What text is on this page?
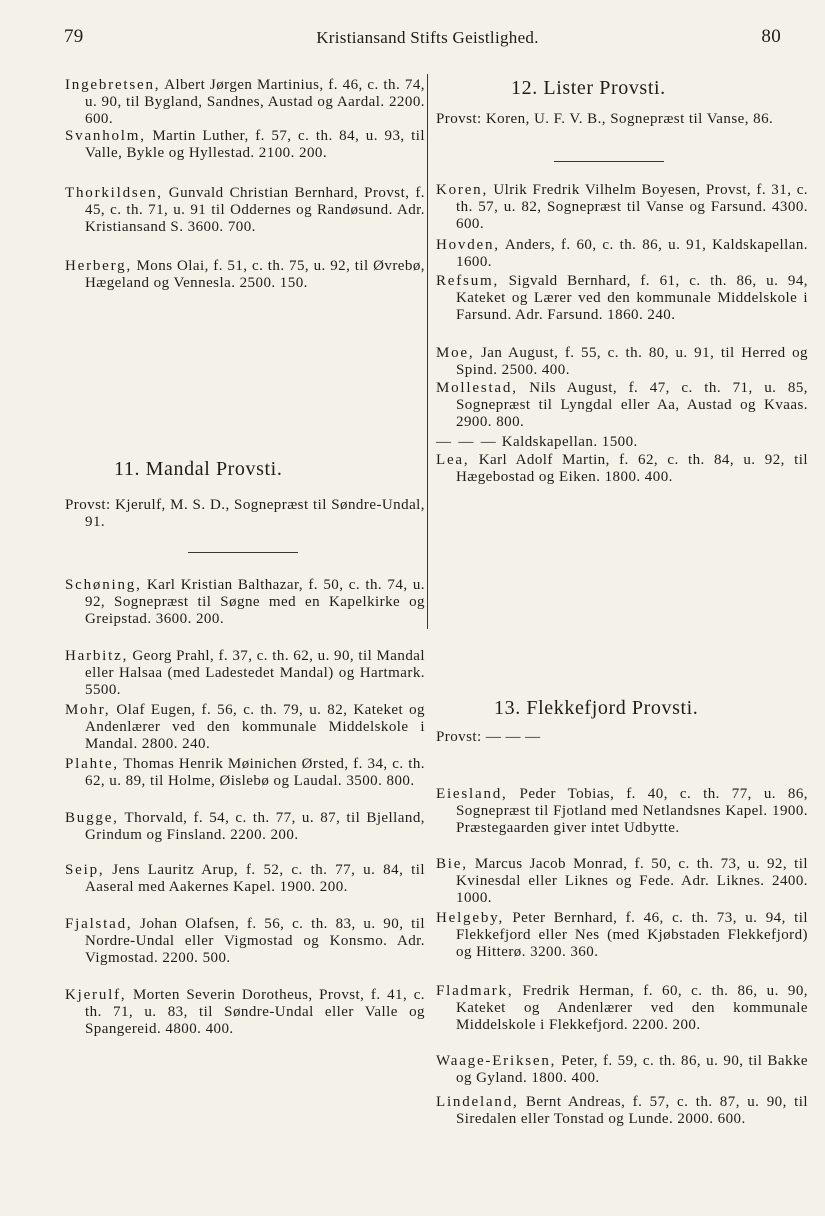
79	Kristiansand Stifts Geistlighed.	80
Ingebretsen, Albert Jørgen Martinius, f. 46, c. th. 74, u. 90, til Bygland, Sandnes, Austad og Aardal. 2200. 600.
Svanholm, Martin Luther, f. 57, c. th. 84, u. 93, til Valle, Bykle og Hyllestad. 2100. 200.
Thorkildsen, Gunvald Christian Bernhard, Provst, f. 45, c. th. 71, u. 91 til Oddernes og Randøsund. Adr. Kristiansand S. 3600. 700.
Herberg, Mons Olai, f. 51, c. th. 75, u. 92, til Øvrebø, Hægeland og Vennesla. 2500. 150.
11. Mandal Provsti.
Provst: Kjerulf, M. S. D., Sognepræst til Søndre-Undal, 91.
Schøning, Karl Kristian Balthazar, f. 50, c. th. 74, u. 92, Sognepræst til Søgne med en Kapelkirke og Greipstad. 3600. 200.
Harbitz, Georg Prahl, f. 37, c. th. 62, u. 90, til Mandal eller Halsaa (med Ladestedet Mandal) og Hartmark. 5500.
Mohr, Olaf Eugen, f. 56, c. th. 79, u. 82, Kateket og Andenlærer ved den kommunale Middelskole i Mandal. 2800. 240.
Plahte, Thomas Henrik Møinichen Ørsted, f. 34, c. th. 62, u. 89, til Holme, Øislebø og Laudal. 3500. 800.
Bugge, Thorvald, f. 54, c. th. 77, u. 87, til Bjelland, Grindum og Finsland. 2200. 200.
Seip, Jens Lauritz Arup, f. 52, c. th. 77, u. 84, til Aaseral med Aakernes Kapel. 1900. 200.
Fjalstad, Johan Olafsen, f. 56, c. th. 83, u. 90, til Nordre-Undal eller Vigmostad og Konsmo. Adr. Vigmostad. 2200. 500.
Kjerulf, Morten Severin Dorotheus, Provst, f. 41, c. th. 71, u. 83, til Søndre-Undal eller Valle og Spangereid. 4800. 400.
12. Lister Provsti.
Provst: Koren, U. F. V. B., Sognepræst til Vanse, 86.
Koren, Ulrik Fredrik Vilhelm Boyesen, Provst, f. 31, c. th. 57, u. 82, Sognepræst til Vanse og Farsund. 4300. 600.
Hovden, Anders, f. 60, c. th. 86, u. 91, Kaldskapellan. 1600.
Refsum, Sigvald Bernhard, f. 61, c. th. 86, u. 94, Kateket og Lærer ved den kommunale Middelskole i Farsund. Adr. Farsund. 1860. 240.
Moe, Jan August, f. 55, c. th. 80, u. 91, til Herred og Spind. 2500. 400.
Mollestad, Nils August, f. 47, c. th. 71, u. 85, Sognepræst til Lyngdal eller Aa, Austad og Kvaas. 2900. 800.
— — — Kaldskapellan. 1500.
Lea, Karl Adolf Martin, f. 62, c. th. 84, u. 92, til Hægebostad og Eiken. 1800. 400.
13. Flekkefjord Provsti.
Provst: — — —
Eiesland, Peder Tobias, f. 40, c. th. 77, u. 86, Sognepræst til Fjotland med Netlandsnes Kapel. 1900. Præstegaarden giver intet Udbytte.
Bie, Marcus Jacob Monrad, f. 50, c. th. 73, u. 92, til Kvinesdal eller Liknes og Fede. Adr. Liknes. 2400. 1000.
Helgeby, Peter Bernhard, f. 46, c. th. 73, u. 94, til Flekkefjord eller Nes (med Kjøbstaden Flekkefjord) og Hitterø. 3200. 360.
Fladmark, Fredrik Herman, f. 60, c. th. 86, u. 90, Kateket og Andenlærer ved den kommunale Middelskole i Flekkefjord. 2200. 200.
Waage-Eriksen, Peter, f. 59, c. th. 86, u. 90, til Bakke og Gyland. 1800. 400.
Lindeland, Bernt Andreas, f. 57, c. th. 87, u. 90, til Siredalen eller Tonstad og Lunde. 2000. 600.
